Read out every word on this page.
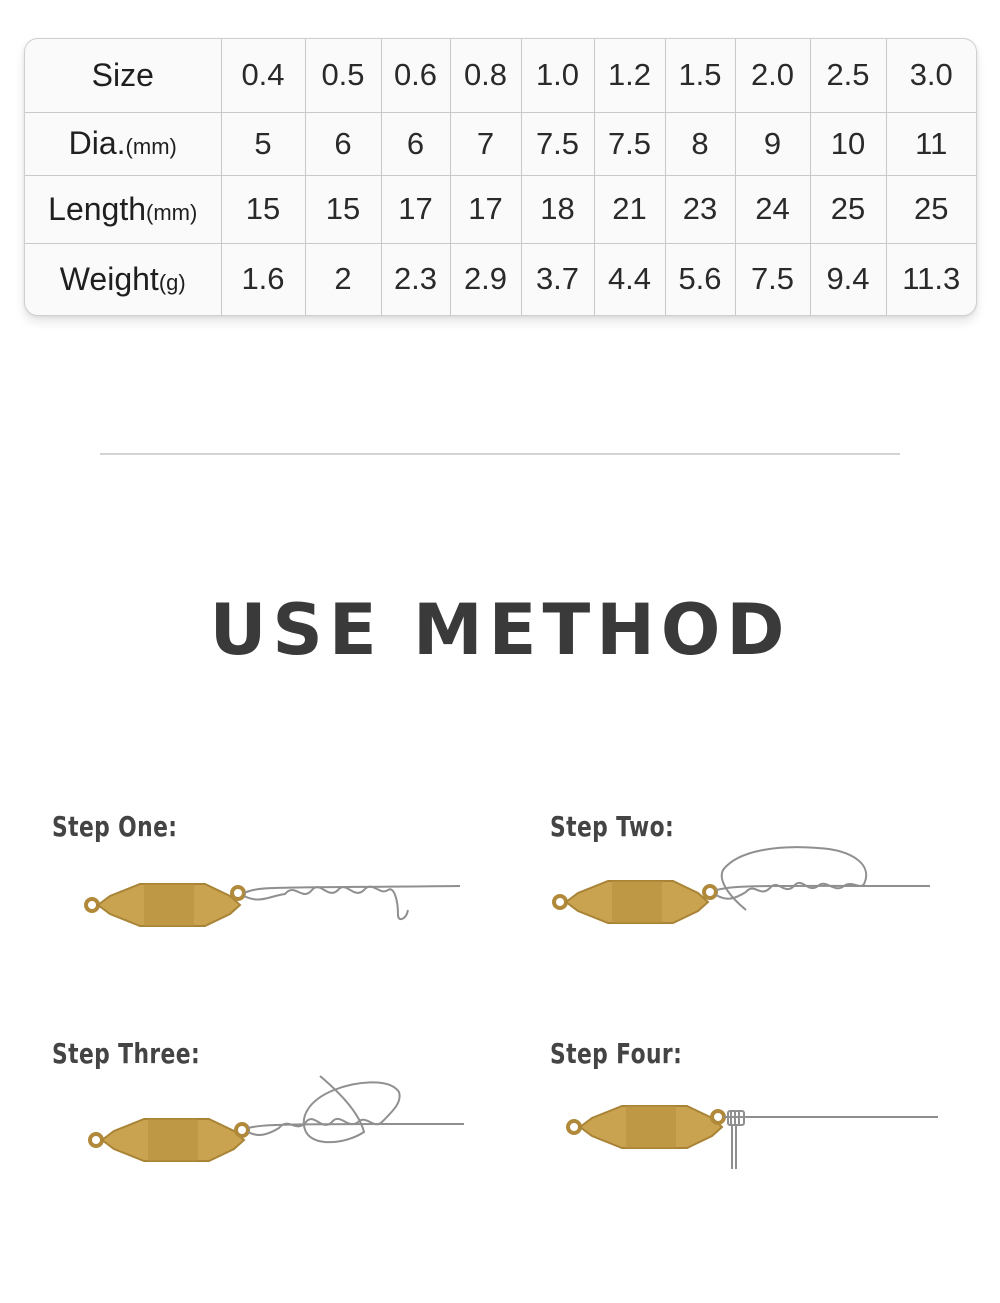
Size	0.4	0.5	0.6	0.8	1.0	1.2	1.5	2.0	2.5	3.0
Dia.(mm)	5	6	6	7	7.5	7.5	8	9	10	11
Length(mm)	15	15	17	17	18	21	23	24	25	25
Weight(g)	1.6	2	2.3	2.9	3.7	4.4	5.6	7.5	9.4	11.3
USE METHOD
Step One:	Step Two:
Step Three:	Step Four:
